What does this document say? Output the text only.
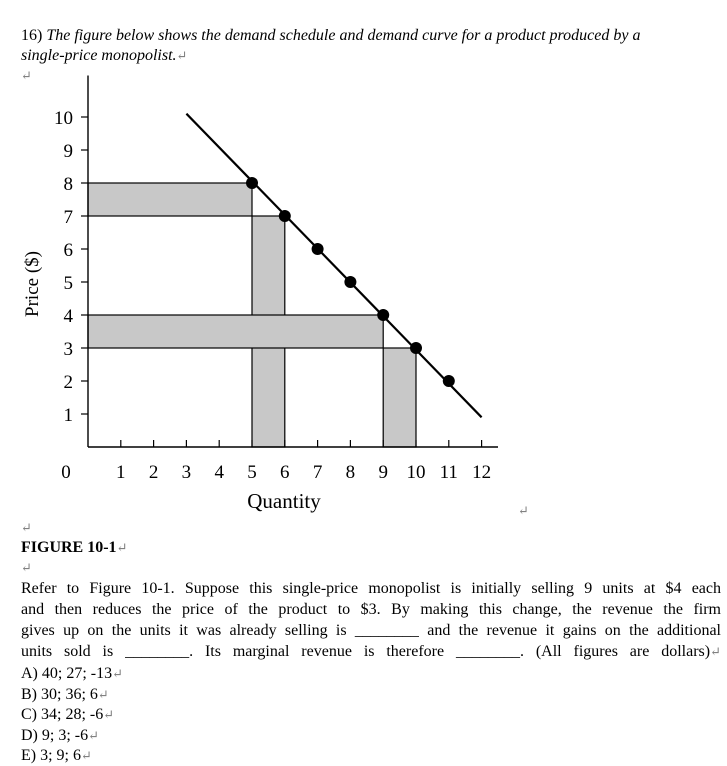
16) The figure below shows the demand schedule and demand curve for a product produced by a
single-price monopolist.↵
↵
1
2
3
4
5
6
7
8
9
10
0 1 2 3 4 5 6 7 8 9 10 11 12
Quantity
Price ($)
↵
↵
FIGURE 10-1↵
↵
Refer to Figure 10-1. Suppose this single-price monopolist is initially selling 9 units at $4 each
and then reduces the price of the product to $3. By making this change, the revenue the firm
gives up on the units it was already selling is ________ and the revenue it gains on the additional
units sold is ________. Its marginal revenue is therefore ________. (All figures are dollars)↵
A) 40; 27; -13↵
B) 30; 36; 6↵
C) 34; 28; -6↵
D) 9; 3; -6↵
E) 3; 9; 6↵
